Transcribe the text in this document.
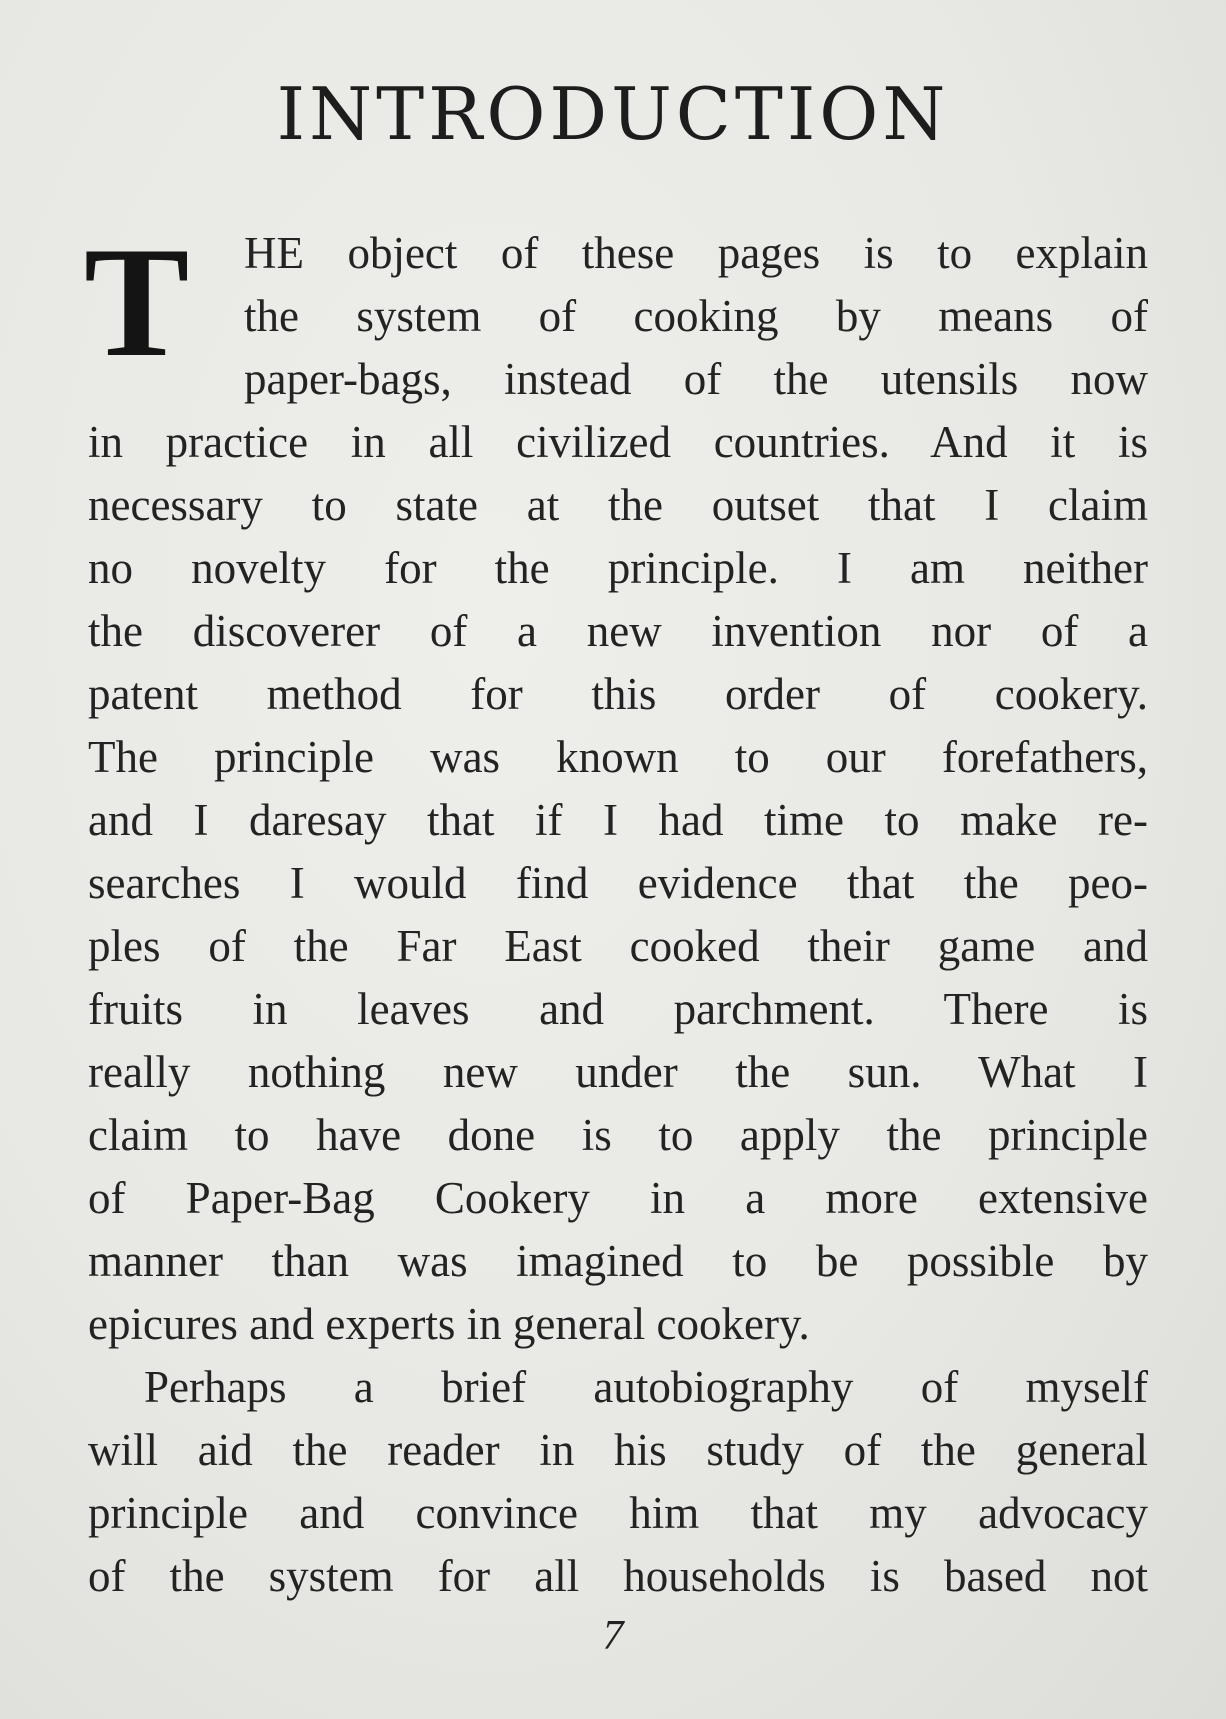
INTRODUCTION
T HE object of these pages is to explain
the system of cooking by means of
paper-bags, instead of the utensils now
in practice in all civilized countries. And it is
necessary to state at the outset that I claim
no novelty for the principle. I am neither
the discoverer of a new invention nor of a
patent method for this order of cookery.
The principle was known to our forefathers,
and I daresay that if I had time to make re-
searches I would find evidence that the peo-
ples of the Far East cooked their game and
fruits in leaves and parchment. There is
really nothing new under the sun. What I
claim to have done is to apply the principle
of Paper-Bag Cookery in a more extensive
manner than was imagined to be possible by
epicures and experts in general cookery.
Perhaps a brief autobiography of myself
will aid the reader in his study of the general
principle and convince him that my advocacy
of the system for all households is based not
7
